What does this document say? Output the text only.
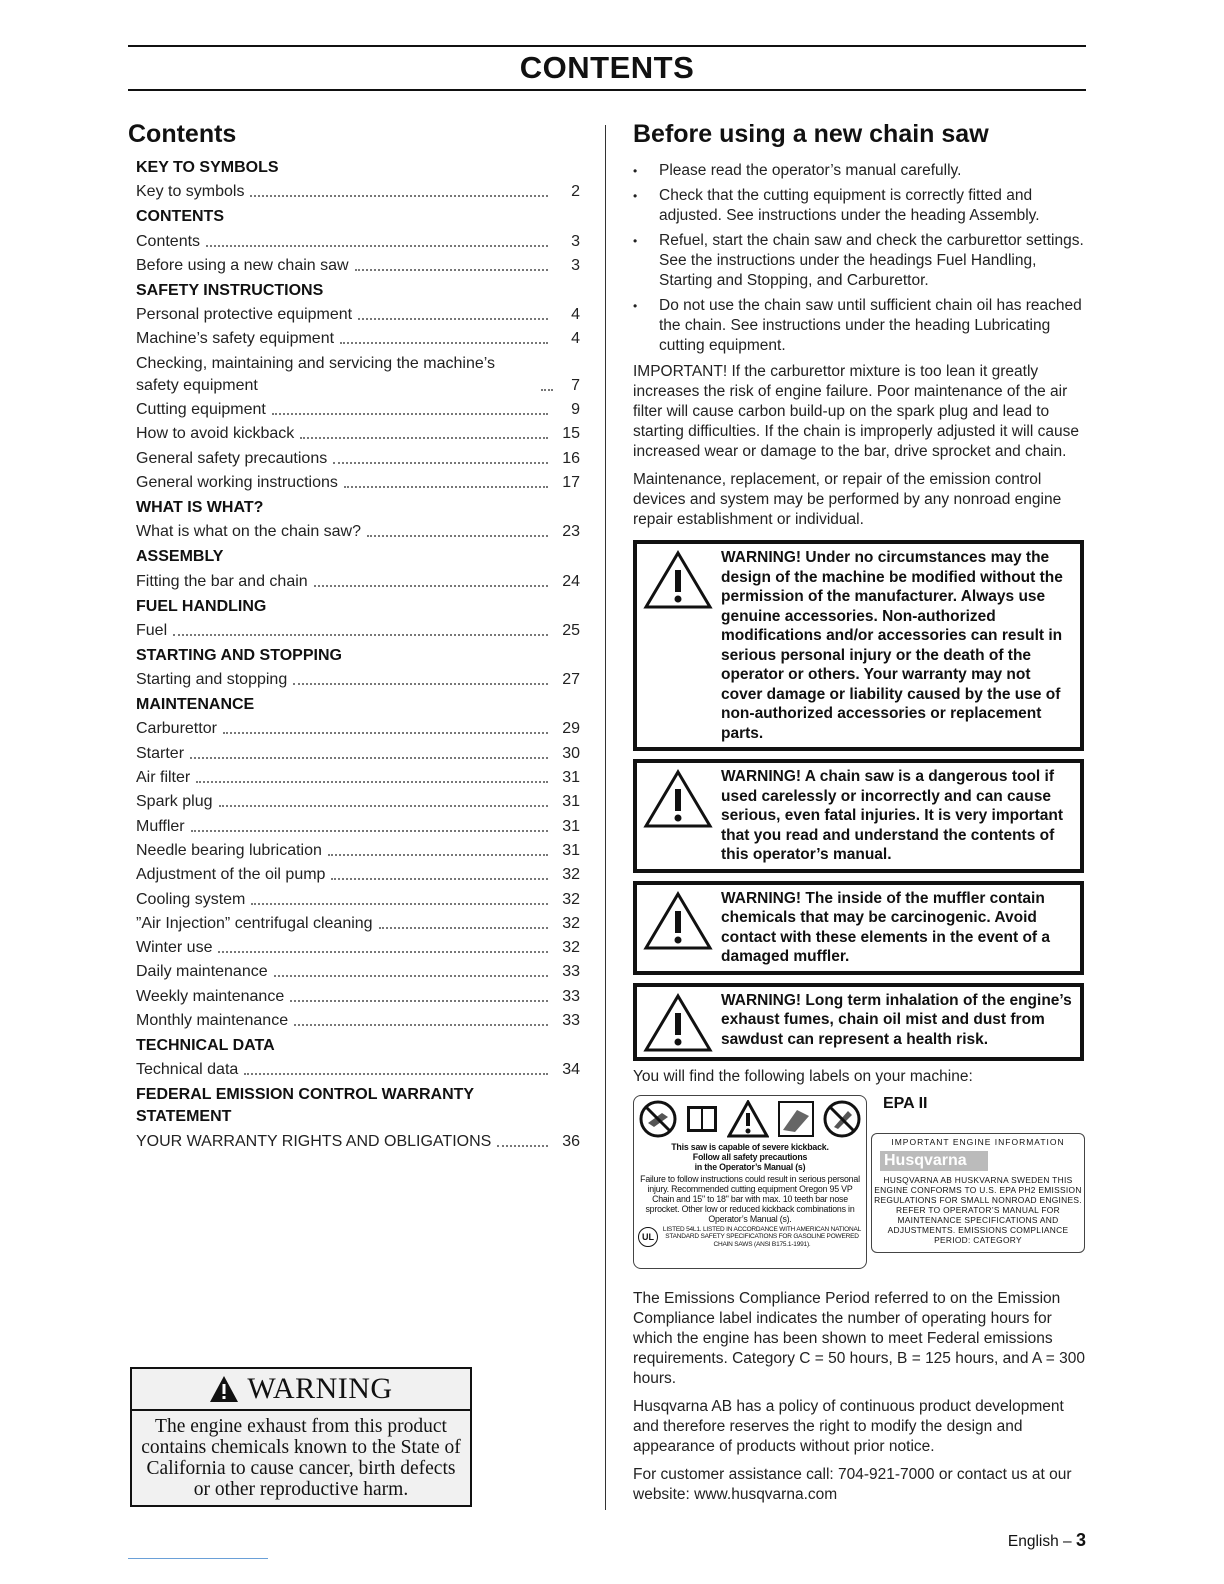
CONTENTS
Contents
KEY TO SYMBOLS
Key to symbols	2
CONTENTS
Contents	3
Before using a new chain saw	3
SAFETY INSTRUCTIONS
Personal protective equipment	4
Machine’s safety equipment	4
Checking, maintaining and servicing the machine’s safety equipment	7
Cutting equipment	9
How to avoid kickback	15
General safety precautions	16
General working instructions	17
WHAT IS WHAT?
What is what on the chain saw?	23
ASSEMBLY
Fitting the bar and chain	24
FUEL HANDLING
Fuel	25
STARTING AND STOPPING
Starting and stopping	27
MAINTENANCE
Carburettor	29
Starter	30
Air filter	31
Spark plug	31
Muffler	31
Needle bearing lubrication	31
Adjustment of the oil pump	32
Cooling system	32
”Air Injection” centrifugal cleaning	32
Winter use	32
Daily maintenance	33
Weekly maintenance	33
Monthly maintenance	33
TECHNICAL DATA
Technical data	34
FEDERAL EMISSION CONTROL WARRANTY STATEMENT
YOUR WARRANTY RIGHTS AND OBLIGATIONS	36
WARNING
The engine exhaust from this product contains chemicals known to the State of California to cause cancer, birth defects or other reproductive harm.
Before using a new chain saw
• Please read the operator’s manual carefully.
• Check that the cutting equipment is correctly fitted and adjusted. See instructions under the heading Assembly.
• Refuel, start the chain saw and check the carburettor settings. See the instructions under the headings Fuel Handling, Starting and Stopping, and Carburettor.
• Do not use the chain saw until sufficient chain oil has reached the chain. See instructions under the heading Lubricating cutting equipment.

IMPORTANT! If the carburettor mixture is too lean it greatly increases the risk of engine failure. Poor maintenance of the air filter will cause carbon build-up on the spark plug and lead to starting difficulties. If the chain is improperly adjusted it will cause increased wear or damage to the bar, drive sprocket and chain.

Maintenance, replacement, or repair of the emission control devices and system may be performed by any nonroad engine repair establishment or individual.

WARNING! Under no circumstances may the design of the machine be modified without the permission of the manufacturer. Always use genuine accessories. Non-authorized modifications and/or accessories can result in serious personal injury or the death of the operator or others. Your warranty may not cover damage or liability caused by the use of non-authorized accessories or replacement parts.
WARNING! A chain saw is a dangerous tool if used carelessly or incorrectly and can cause serious, even fatal injuries. It is very important that you read and understand the contents of this operator’s manual.
WARNING! The inside of the muffler contain chemicals that may be carcinogenic. Avoid contact with these elements in the event of a damaged muffler.
WARNING! Long term inhalation of the engine’s exhaust fumes, chain oil mist and dust from sawdust can represent a health risk.

You will find the following labels on your machine:

This saw is capable of severe kickback.
Follow all safety precautions
in the Operator’s Manual (s)
Failure to follow instructions could result in serious personal injury. Recommended cutting equipment Oregon 95 VP Chain and 15" to 18" bar with max. 10 teeth bar nose sprocket. Other low or reduced kickback combinations in Operator’s Manual (s).
UL
LISTED 54L1. LISTED IN ACCORDANCE WITH AMERICAN NATIONAL STANDARD SAFETY SPECIFICATIONS FOR GASOLINE POWERED CHAIN SAWS (ANSI B175.1-1991).
EPA II
IMPORTANT ENGINE INFORMATION
Husqvarna
HUSQVARNA AB HUSKVARNA SWEDEN THIS ENGINE CONFORMS TO U.S. EPA PH2 EMISSION REGULATIONS FOR SMALL NONROAD ENGINES. REFER TO OPERATOR’S MANUAL FOR MAINTENANCE SPECIFICATIONS AND ADJUSTMENTS. EMISSIONS COMPLIANCE PERIOD: CATEGORY

The Emissions Compliance Period referred to on the Emission Compliance label indicates the number of operating hours for which the engine has been shown to meet Federal emissions requirements. Category C = 50 hours, B = 125 hours, and A = 300 hours.

Husqvarna AB has a policy of continuous product development and therefore reserves the right to modify the design and appearance of products without prior notice.

For customer assistance call: 704-921-7000 or contact us at our website: www.husqvarna.com

English – 3
